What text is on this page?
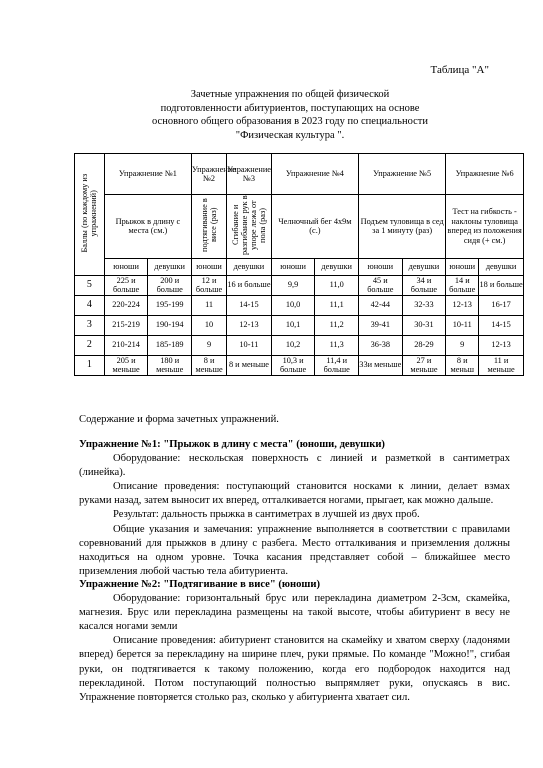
Таблица "А"
Зачетные упражнения по общей физической
подготовленности абитуриентов, поступающих на основе
основного общего образования в 2023 году по специальности
"Физическая культура ".
Баллы (по каждому из упражнений)	Упражнение №1		Упражнение №2	Упражнение №3	Упражнение №4		Упражнение №5		Упражнение №6	
	Прыжок в длину с места (см.)		подтягивание в висе (раз)	Сгибание и разгибание рук в упоре лежа от пола (раз)	Челночный бег 4х9м (с.)		Подъем туловища в сед за 1 минуту (раз)		Тест на гибкость - наклоны туловища вперед из положения сидя (+ см.)	
	юноши	девушки	юноши	девушки	юноши	девушки	юноши	девушки	юноши	девушки
5	225 и больше	200 и больше	12 и больше	16 и больше	9,9	11,0	45 и больше	34 и больше	14 и больше	18 и больше
4	220-224	195-199	11	14-15	10,0	11,1	42-44	32-33	12-13	16-17
3	215-219	190-194	10	12-13	10,1	11,2	39-41	30-31	10-11	14-15
2	210-214	185-189	9	10-11	10,2	11,3	36-38	28-29	9	12-13
1	205 и меньше	180 и меньше	8 и меньше	8 и меньше	10,3 и больше	11,4 и больше	33и меньше	27 и меньше	8 и меньш	11 и меньше
Содержание и форма зачетных упражнений.

Упражнение №1: "Прыжок в длину с места" (юноши, девушки)

Оборудование: нескольская поверхность с линией и разметкой в сантиметрах (линейка).

Описание проведения: поступающий становится носками к линии, делает взмах руками назад, затем выносит их вперед, отталкивается ногами, прыгает, как можно дальше.

Результат: дальность прыжка в сантиметрах в лучшей из двух проб.

Общие указания и замечания: упражнение выполняется в соответствии с правилами соревнований для прыжков в длину с разбега. Место отталкивания и приземления должны находиться на одном уровне. Точка касания представляет собой – ближайшее место приземления любой частью тела абитуриента.

Упражнение №2: "Подтягивание в висе" (юноши)

Оборудование: горизонтальный брус или перекладина диаметром 2-3см, скамейка, магнезия. Брус или перекладина размещены на такой высоте, чтобы абитуриент в весу не касался ногами земли

Описание проведения: абитуриент становится на скамейку и хватом сверху (ладонями вперед) берется за перекладину на ширине плеч, руки прямые. По команде "Можно!", сгибая руки, он подтягивается к такому положению, когда его подбородок находится над перекладиной. Потом поступающий полностью выпрямляет руки, опускаясь в вис. Упражнение повторяется столько раз, сколько у абитуриента хватает сил.
